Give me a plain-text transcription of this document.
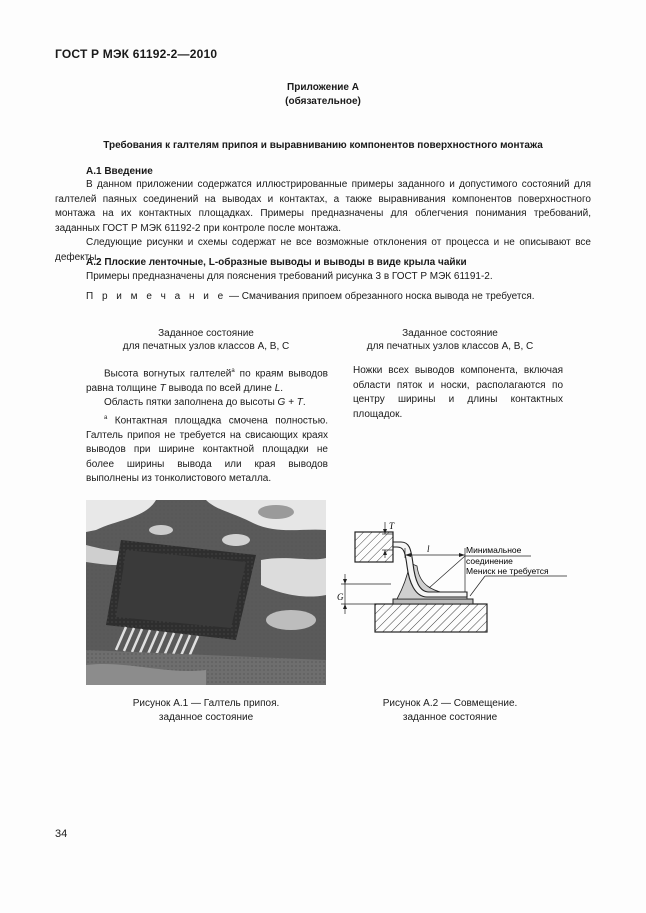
ГОСТ Р МЭК 61192-2—2010
Приложение А
(обязательное)
Требования к галтелям припоя и выравниванию компонентов поверхностного монтажа
А.1 Введение

В данном приложении содержатся иллюстрированные примеры заданного и допустимого состояний для галтелей паяных соединений на выводах и контактах, а также выравнивания компонентов поверхностного монтажа на их контактных площадках. Примеры предназначены для облегчения понимания требований, заданных ГОСТ Р МЭК 61192-2 при контроле после монтажа.

Следующие рисунки и схемы содержат не все возможные отклонения от процесса и не описывают все дефекты.

А.2 Плоские ленточные, L-образные выводы и выводы в виде крыла чайки
Примеры предназначены для пояснения требований рисунка 3 в ГОСТ Р МЭК 61191-2.
П р и м е ч а н и е — Смачивания припоем обрезанного носка вывода не требуется.
Заданное состояние
для печатных узлов классов А, В, С

Высота вогнутых галтелей$^а$ по краям выводов равна толщине T вывода по всей длине L.

Область пятки заполнена до высоты G + T.

$^а$ Контактная площадка смочена полностью. Галтель припоя не требуется на свисающих краях выводов при ширине контактной площадки не более ширины вывода или края выводов выполнены из тонколистового металла.

Заданное состояние
для печатных узлов классов А, В, С

Ножки всех выводов компонента, включая области пяток и носки, располагаются по центру ширины и длины контактных площадок.

Рисунок А.1 — Галтель припоя.
заданное состояние
T
l
G
Минимальное
соединение
Мениск не требуется
Рисунок А.2 — Совмещение.
заданное состояние
34
